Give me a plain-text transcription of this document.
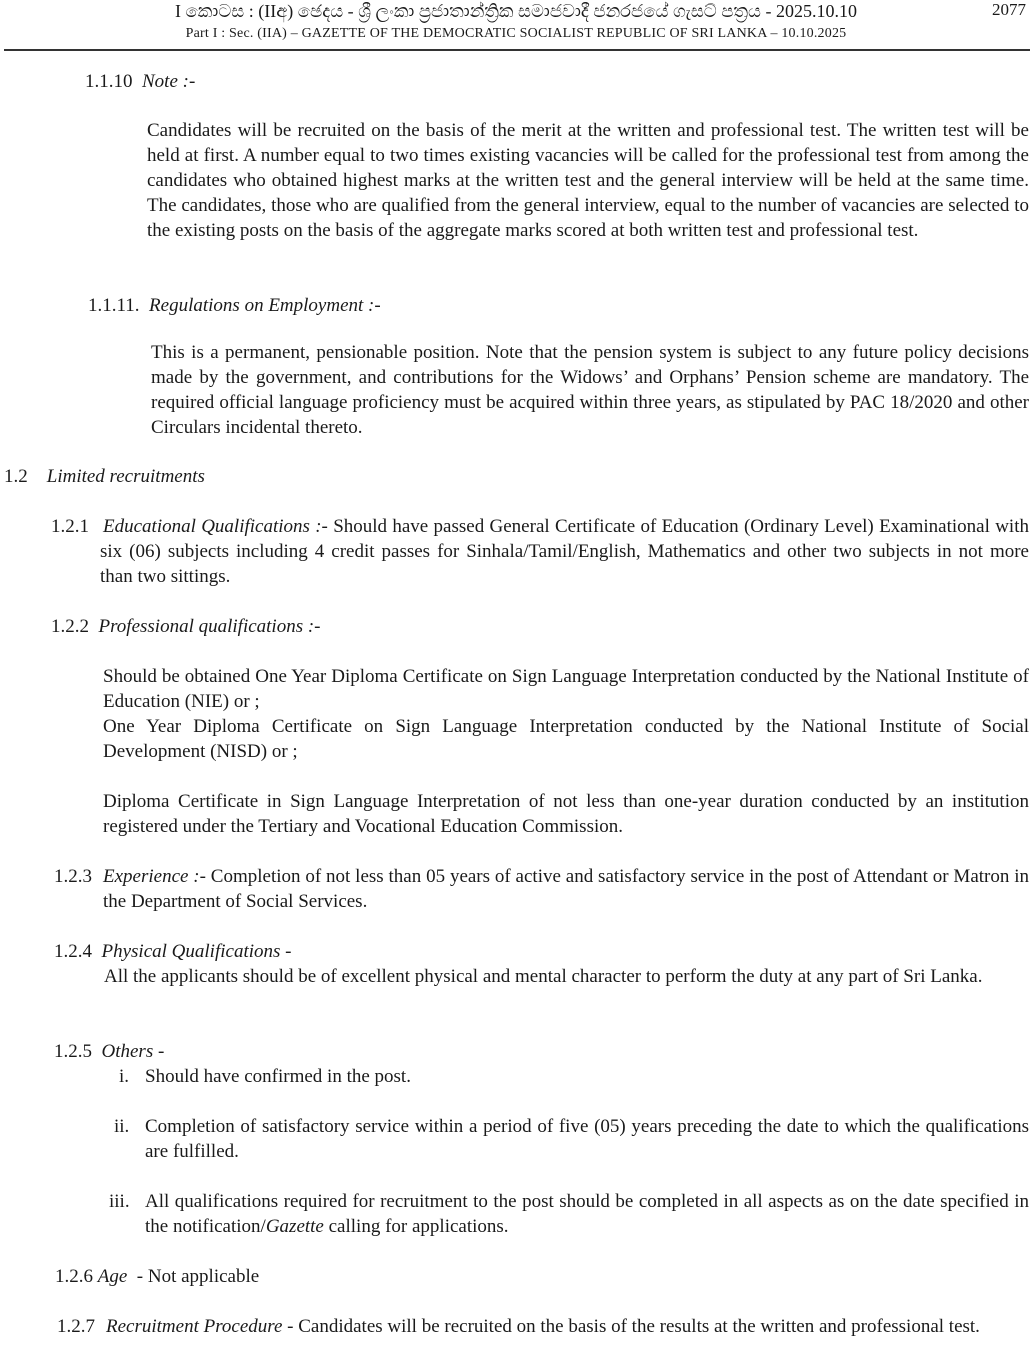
I කොටස : (IIඅ) ඡෙදය - ශ්‍රී ලංකා ප්‍රජාතාන්ත්‍රික සමාජවාදී ජනරජයේ ගැසට් පත්‍රය - 2025.10.10
Part I : Sec. (IIA) – GAZETTE OF THE DEMOCRATIC SOCIALIST REPUBLIC OF SRI LANKA – 10.10.2025
2077
1.1.10 Note :-

Candidates will be recruited on the basis of the merit at the written and professional test. The written test will be held at first. A number equal to two times existing vacancies will be called for the professional test from among the candidates who obtained highest marks at the written test and the general interview will be held at the same time. The candidates, those who are qualified from the general interview, equal to the number of vacancies are selected to the existing posts on the basis of the aggregate marks scored at both written test and professional test.

1.1.11. Regulations on Employment :-

This is a permanent, pensionable position. Note that the pension system is subject to any future policy decisions made by the government, and contributions for the Widows’ and Orphans’ Pension scheme are mandatory. The required official language proficiency must be acquired within three years, as stipulated by PAC 18/2020 and other Circulars incidental thereto.

1.2 Limited recruitments
1.2.1 Educational Qualifications :- Should have passed General Certificate of Education (Ordinary Level) Examinational with six (06) subjects including 4 credit passes for Sinhala/Tamil/English, Mathematics and other two subjects in not more than two sittings.

1.2.2 Professional qualifications :-

Should be obtained One Year Diploma Certificate on Sign Language Interpretation conducted by the National Institute of Education (NIE) or ;

One Year Diploma Certificate on Sign Language Interpretation conducted by the National Institute of Social Development (NISD) or ;

Diploma Certificate in Sign Language Interpretation of not less than one-year duration conducted by an institution registered under the Tertiary and Vocational Education Commission.

1.2.3 Experience :- Completion of not less than 05 years of active and satisfactory service in the post of Attendant or Matron in the Department of Social Services.

1.2.4 Physical Qualifications -

All the applicants should be of excellent physical and mental character to perform the duty at any part of Sri Lanka.

1.2.5 Others -
i. Should have confirmed in the post.

ii. Completion of satisfactory service within a period of five (05) years preceding the date to which the qualifications are fulfilled.

iii. All qualifications required for recruitment to the post should be completed in all aspects as on the date specified in the notification/Gazette calling for applications.

1.2.6 Age  - Not applicable
1.2.7 Recruitment Procedure - Candidates will be recruited on the basis of the results at the written and professional test.
